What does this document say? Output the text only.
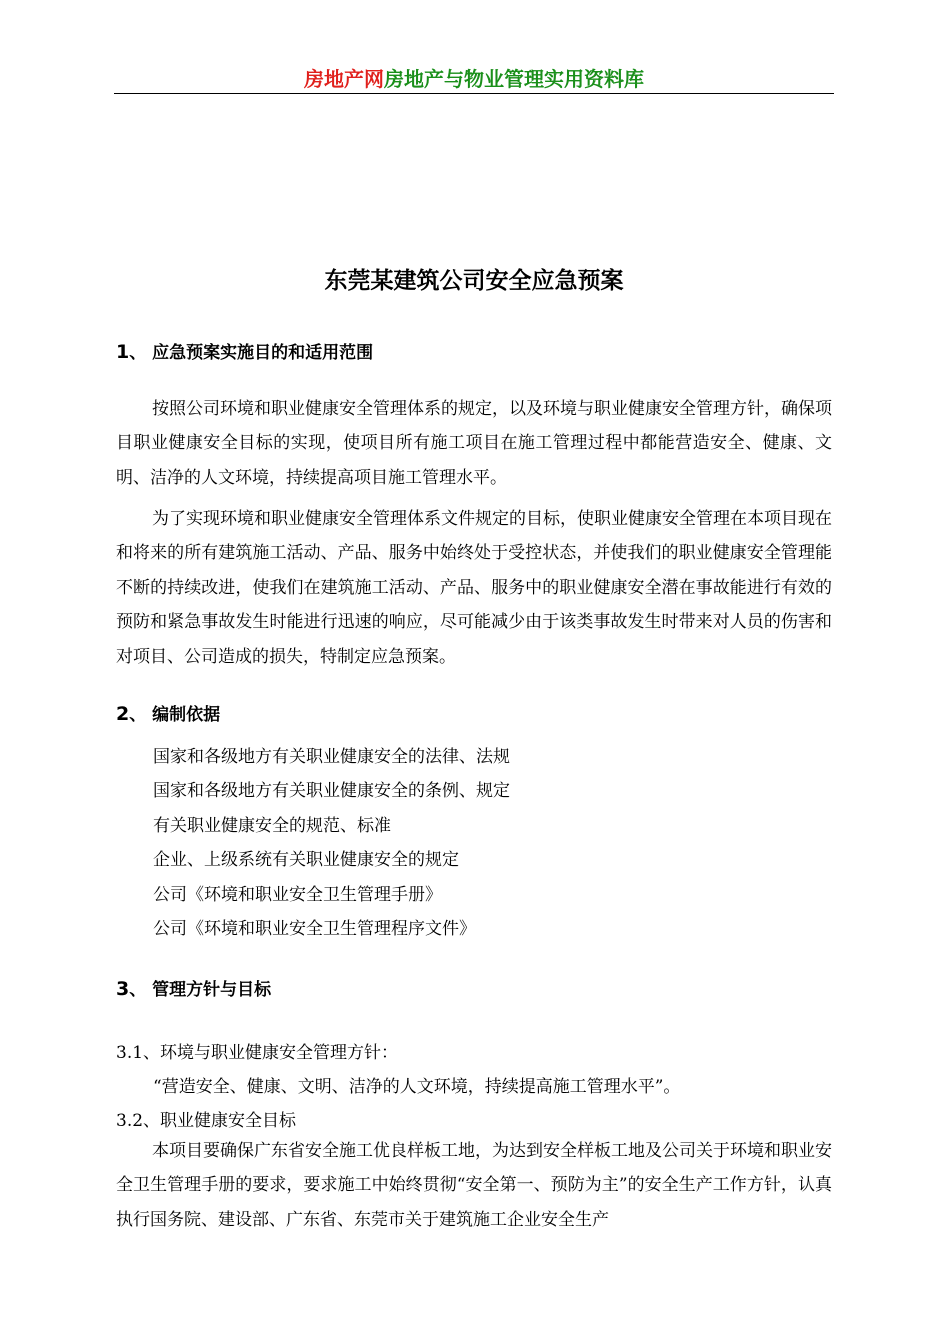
房地产网房地产与物业管理实用资料库
东莞某建筑公司安全应急预案
1、 应急预案实施目的和适用范围

按照公司环境和职业健康安全管理体系的规定，以及环境与职业健康安全管理方针，确保项目职业健康安全目标的实现，使项目所有施工项目在施工管理过程中都能营造安全、健康、文明、洁净的人文环境，持续提高项目施工管理水平。

为了实现环境和职业健康安全管理体系文件规定的目标，使职业健康安全管理在本项目现在和将来的所有建筑施工活动、产品、服务中始终处于受控状态，并使我们的职业健康安全管理能不断的持续改进，使我们在建筑施工活动、产品、服务中的职业健康安全潜在事故能进行有效的预防和紧急事故发生时能进行迅速的响应，尽可能减少由于该类事故发生时带来对人员的伤害和对项目、公司造成的损失，特制定应急预案。

2、 编制依据
国家和各级地方有关职业健康安全的法律、法规
国家和各级地方有关职业健康安全的条例、规定
有关职业健康安全的规范、标准
企业、上级系统有关职业健康安全的规定
公司《环境和职业安全卫生管理手册》
公司《环境和职业安全卫生管理程序文件》
3、 管理方针与目标
3.1、环境与职业健康安全管理方针：
“营造安全、健康、文明、洁净的人文环境，持续提高施工管理水平”。
3.2、职业健康安全目标

本项目要确保广东省安全施工优良样板工地，为达到安全样板工地及公司关于环境和职业安全卫生管理手册的要求，要求施工中始终贯彻“安全第一、预防为主”的安全生产工作方针，认真执行国务院、建设部、广东省、东莞市关于建筑施工企业安全生产
